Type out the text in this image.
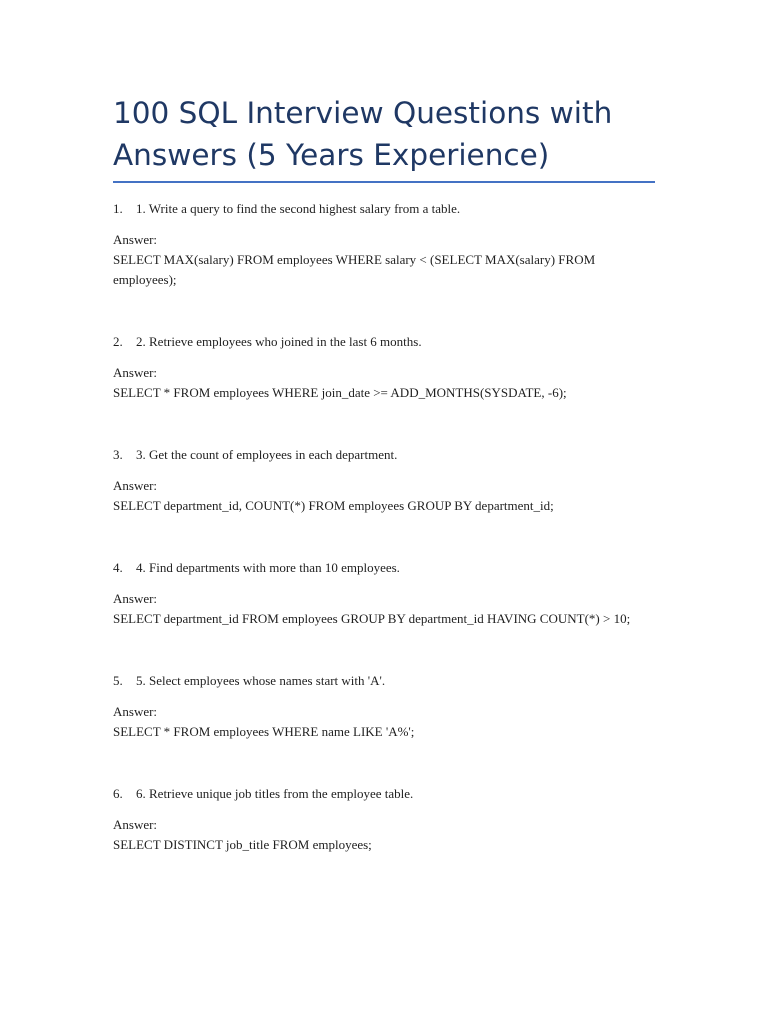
100 SQL Interview Questions with Answers (5 Years Experience)

1.	1. Write a query to find the second highest salary from a table.

Answer:

SELECT MAX(salary) FROM employees WHERE salary < (SELECT MAX(salary) FROM employees);

2.	2. Retrieve employees who joined in the last 6 months.

Answer:

SELECT * FROM employees WHERE join_date >= ADD_MONTHS(SYSDATE, -6);

3.	3. Get the count of employees in each department.

Answer:

SELECT department_id, COUNT(*) FROM employees GROUP BY department_id;

4.	4. Find departments with more than 10 employees.

Answer:

SELECT department_id FROM employees GROUP BY department_id HAVING COUNT(*) > 10;

5.	5. Select employees whose names start with 'A'.

Answer:

SELECT * FROM employees WHERE name LIKE 'A%';

6.	6. Retrieve unique job titles from the employee table.

Answer:

SELECT DISTINCT job_title FROM employees;
